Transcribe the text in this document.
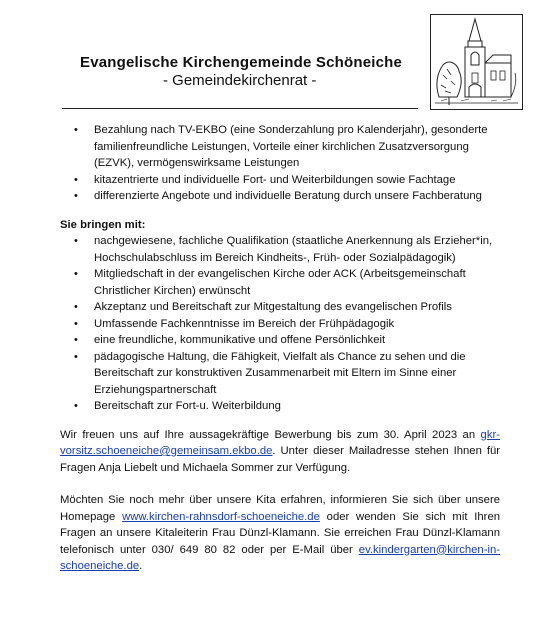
Evangelische Kirchengemeinde Schöneiche
- Gemeindekirchenrat -
• Bezahlung nach TV-EKBO (eine Sonderzahlung pro Kalenderjahr), gesonderte familienfreundliche Leistungen, Vorteile einer kirchlichen Zusatzversorgung (EZVK), vermögenswirksame Leistungen
• kitazentrierte und individuelle Fort- und Weiterbildungen sowie Fachtage
• differenzierte Angebote und individuelle Beratung durch unsere Fachberatung
Sie bringen mit:
• nachgewiesene, fachliche Qualifikation (staatliche Anerkennung als Erzieher*in, Hochschulabschluss im Bereich Kindheits-, Früh- oder Sozialpädagogik)
• Mitgliedschaft in der evangelischen Kirche oder ACK (Arbeitsgemeinschaft Christlicher Kirchen) erwünscht
• Akzeptanz und Bereitschaft zur Mitgestaltung des evangelischen Profils
• Umfassende Fachkenntnisse im Bereich der Frühpädagogik
• eine freundliche, kommunikative und offene Persönlichkeit
• pädagogische Haltung, die Fähigkeit, Vielfalt als Chance zu sehen und die Bereitschaft zur konstruktiven Zusammenarbeit mit Eltern im Sinne einer Erziehungspartnerschaft
• Bereitschaft zur Fort-u. Weiterbildung

Wir freuen uns auf Ihre aussagekräftige Bewerbung bis zum 30. April 2023 an gkr-vorsitz.schoeneiche@gemeinsam.ekbo.de. Unter dieser Mailadresse stehen Ihnen für Fragen Anja Liebelt und Michaela Sommer zur Verfügung.

Möchten Sie noch mehr über unsere Kita erfahren, informieren Sie sich über unsere Homepage www.kirchen-rahnsdorf-schoeneiche.de oder wenden Sie sich mit Ihren Fragen an unsere Kitaleiterin Frau Dünzl-Klamann. Sie erreichen Frau Dünzl-Klamann telefonisch unter 030/ 649 80 82 oder per E-Mail über ev.kindergarten@kirchen-in-schoeneiche.de.
